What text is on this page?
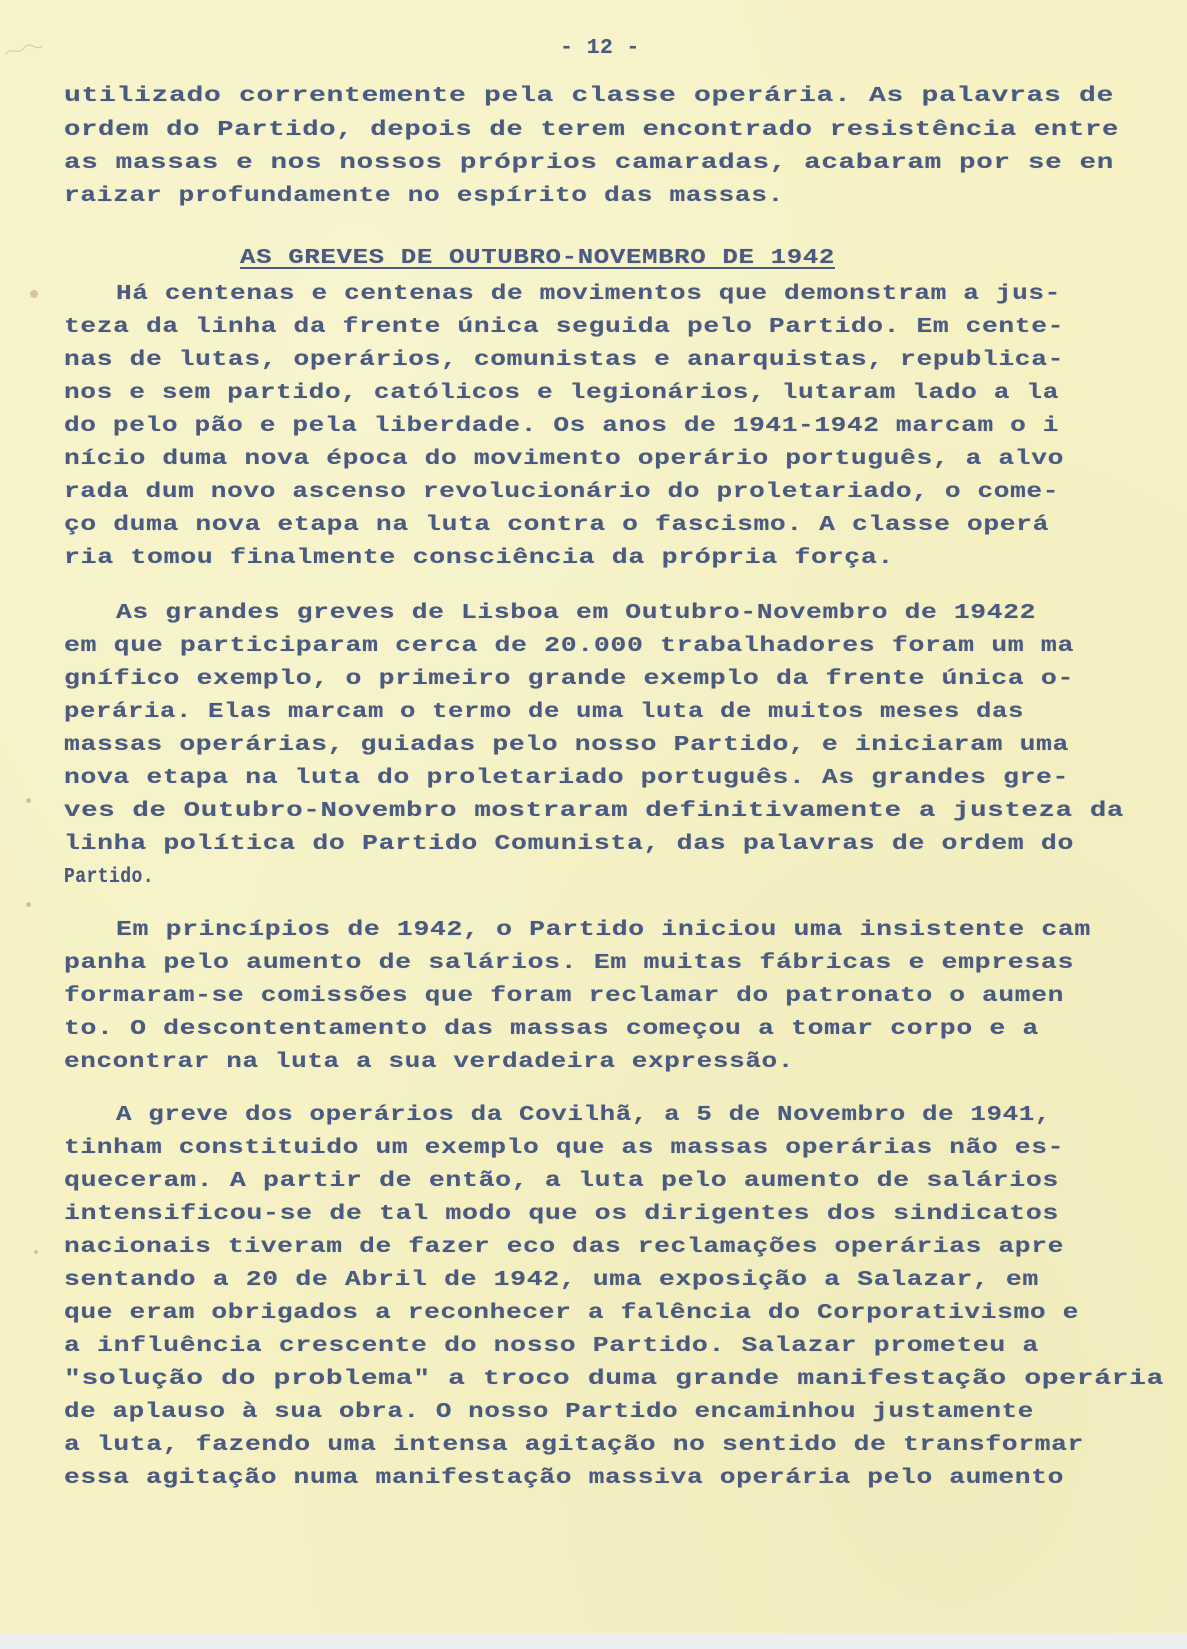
- 12 -
AS GREVES DE OUTUBRO-NOVEMBRO DE 1942
utilizado correntemente pela classe operária. As palavras de
ordem do Partido, depois de terem encontrado resistência entre
as massas e nos nossos próprios camaradas, acabaram por se en
raizar profundamente no espírito das massas.
Há centenas e centenas de movimentos que demonstram a jus-
teza da linha da frente única seguida pelo Partido. Em cente-
nas de lutas, operários, comunistas e anarquistas, republica-
nos e sem partido, católicos e legionários, lutaram lado a la
do pelo pão e pela liberdade. Os anos de 1941-1942 marcam o i
nício duma nova época do movimento operário português, a alvo
rada dum novo ascenso revolucionário do proletariado, o come-
ço duma nova etapa na luta contra o fascismo. A classe operá
ria tomou finalmente consciência da própria força.
As grandes greves de Lisboa em Outubro-Novembro de 19422
em que participaram cerca de 20.000 trabalhadores foram um ma
gnífico exemplo, o primeiro grande exemplo da frente única o-
perária. Elas marcam o termo de uma luta de muitos meses das
massas operárias, guiadas pelo nosso Partido, e iniciaram uma
nova etapa na luta do proletariado português. As grandes gre-
ves de Outubro-Novembro mostraram definitivamente a justeza da
linha política do Partido Comunista, das palavras de ordem do
Partido.
Em princípios de 1942, o Partido iniciou uma insistente cam
panha pelo aumento de salários. Em muitas fábricas e empresas
formaram-se comissões que foram reclamar do patronato o aumen
to. O descontentamento das massas começou a tomar corpo e a
encontrar na luta a sua verdadeira expressão.
A greve dos operários da Covilhã, a 5 de Novembro de 1941,
tinham constituido um exemplo que as massas operárias não es-
queceram. A partir de então, a luta pelo aumento de salários
intensificou-se de tal modo que os dirigentes dos sindicatos
nacionais tiveram de fazer eco das reclamações operárias apre
sentando a 20 de Abril de 1942, uma exposição a Salazar, em
que eram obrigados a reconhecer a falência do Corporativismo e
a influência crescente do nosso Partido. Salazar prometeu a
"solução do problema" a troco duma grande manifestação operária
de aplauso à sua obra. O nosso Partido encaminhou justamente
a luta, fazendo uma intensa agitação no sentido de transformar
essa agitação numa manifestação massiva operária pelo aumento
